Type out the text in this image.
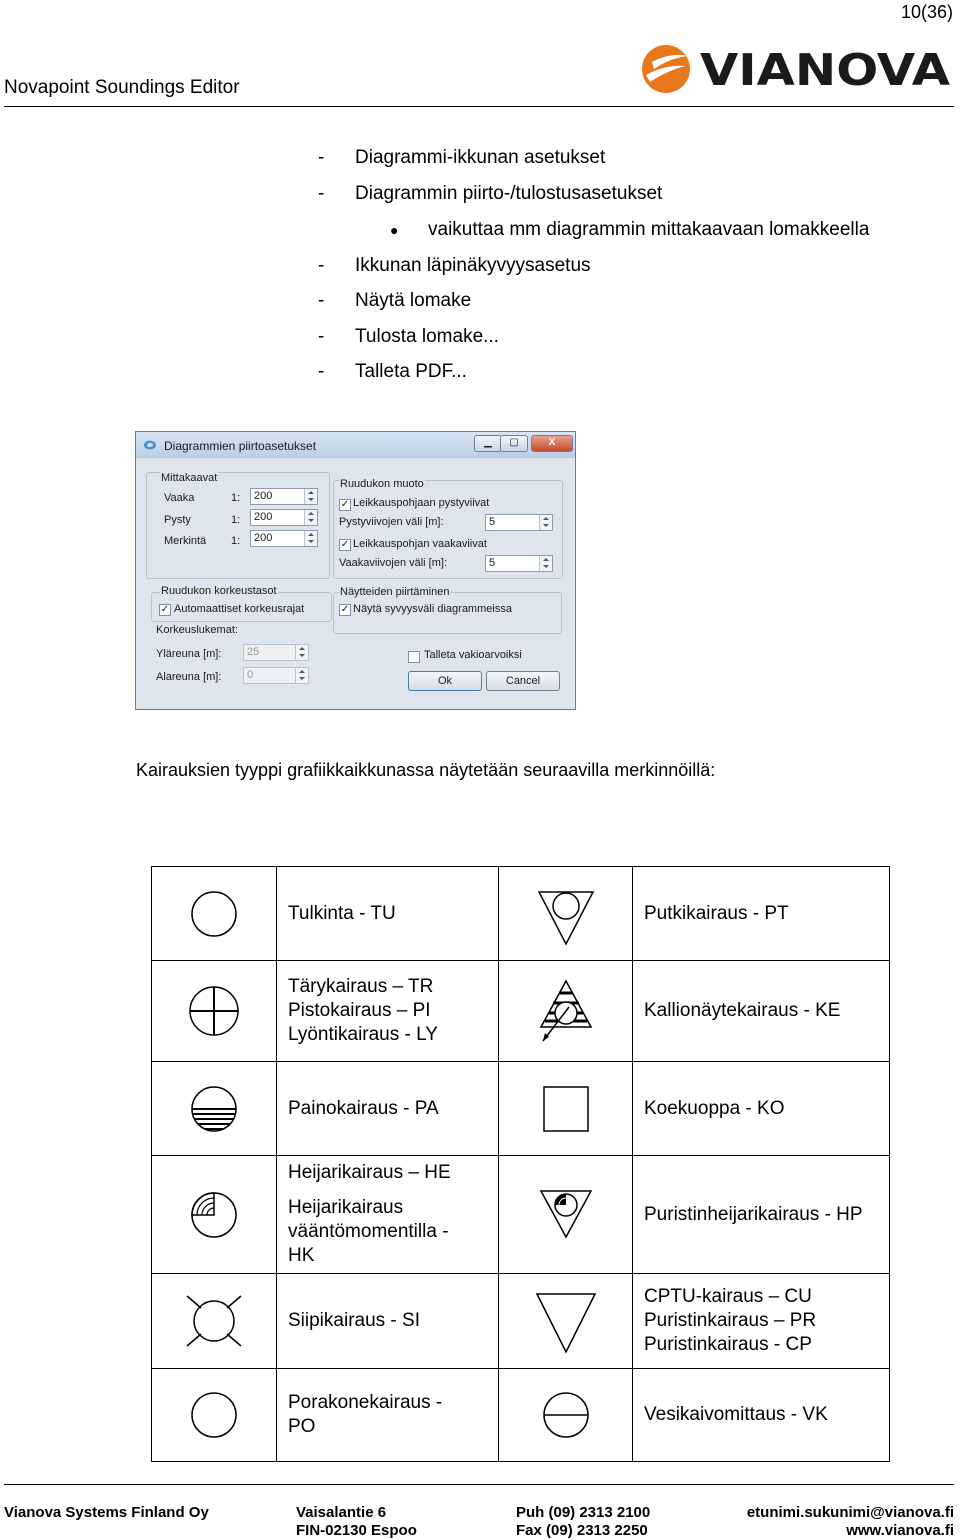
10(36)
Novapoint Soundings Editor	VIANOVA
- Diagrammi-ikkunan asetukset
- Diagrammin piirto-/tulostusasetukset
● vaikuttaa mm diagrammin mittakaavaan lomakkeella
- Ikkunan läpinäkyvyysasetus
- Näytä lomake
- Tulosta lomake...
- Talleta PDF...
Diagrammien piirtoasetukset	▁	▢	X
Mittakaavat
Vaaka	1:	200
Pysty	1:	200
Merkintä 1:	200
Ruudukon muoto
✓ Leikkauspohjaan pystyviivat
Pystyviivojen väli [m]:	5
✓ Leikkauspohjan vaakaviivat
Vaakaviivojen väli [m]:	5
Ruudukon korkeustasot
✓ Automaattiset korkeusrajat
Korkeuslukemat:
Yläreuna [m]:	25
Alareuna [m]:	0
Näytteiden piirtäminen
✓ Näytä syvyysväli diagrammeissa
Talleta vakioarvoiksi
Ok	Cancel
Kairauksien tyyppi grafiikkaikkunassa näytetään seuraavilla merkinnöillä:
	Tulkinta - TU		Putkikairaus - PT

Tärykairaus – TR
Pistokairaus – PI
Lyöntikairaus - LY		Kallionäytekairaus - KE

	Painokairaus - PA		Koekuoppa - KO

Heijarikairaus – HE
Heijarikairaus
vääntömomentilla -
HK		Puristinheijarikairaus - HP

	Siipikairaus - SI		CPTU-kairaus – CU
Puristinkairaus – PR
Puristinkairaus - CP

Porakonekairaus -
PO		Vesikaivomittaus - VK
Vianova Systems Finland Oy	Vaisalantie 6
FIN-02130 Espoo
Puh (09) 2313 2100
Fax (09) 2313 2250
etunimi.sukunimi@vianova.fi
www.vianova.fi
